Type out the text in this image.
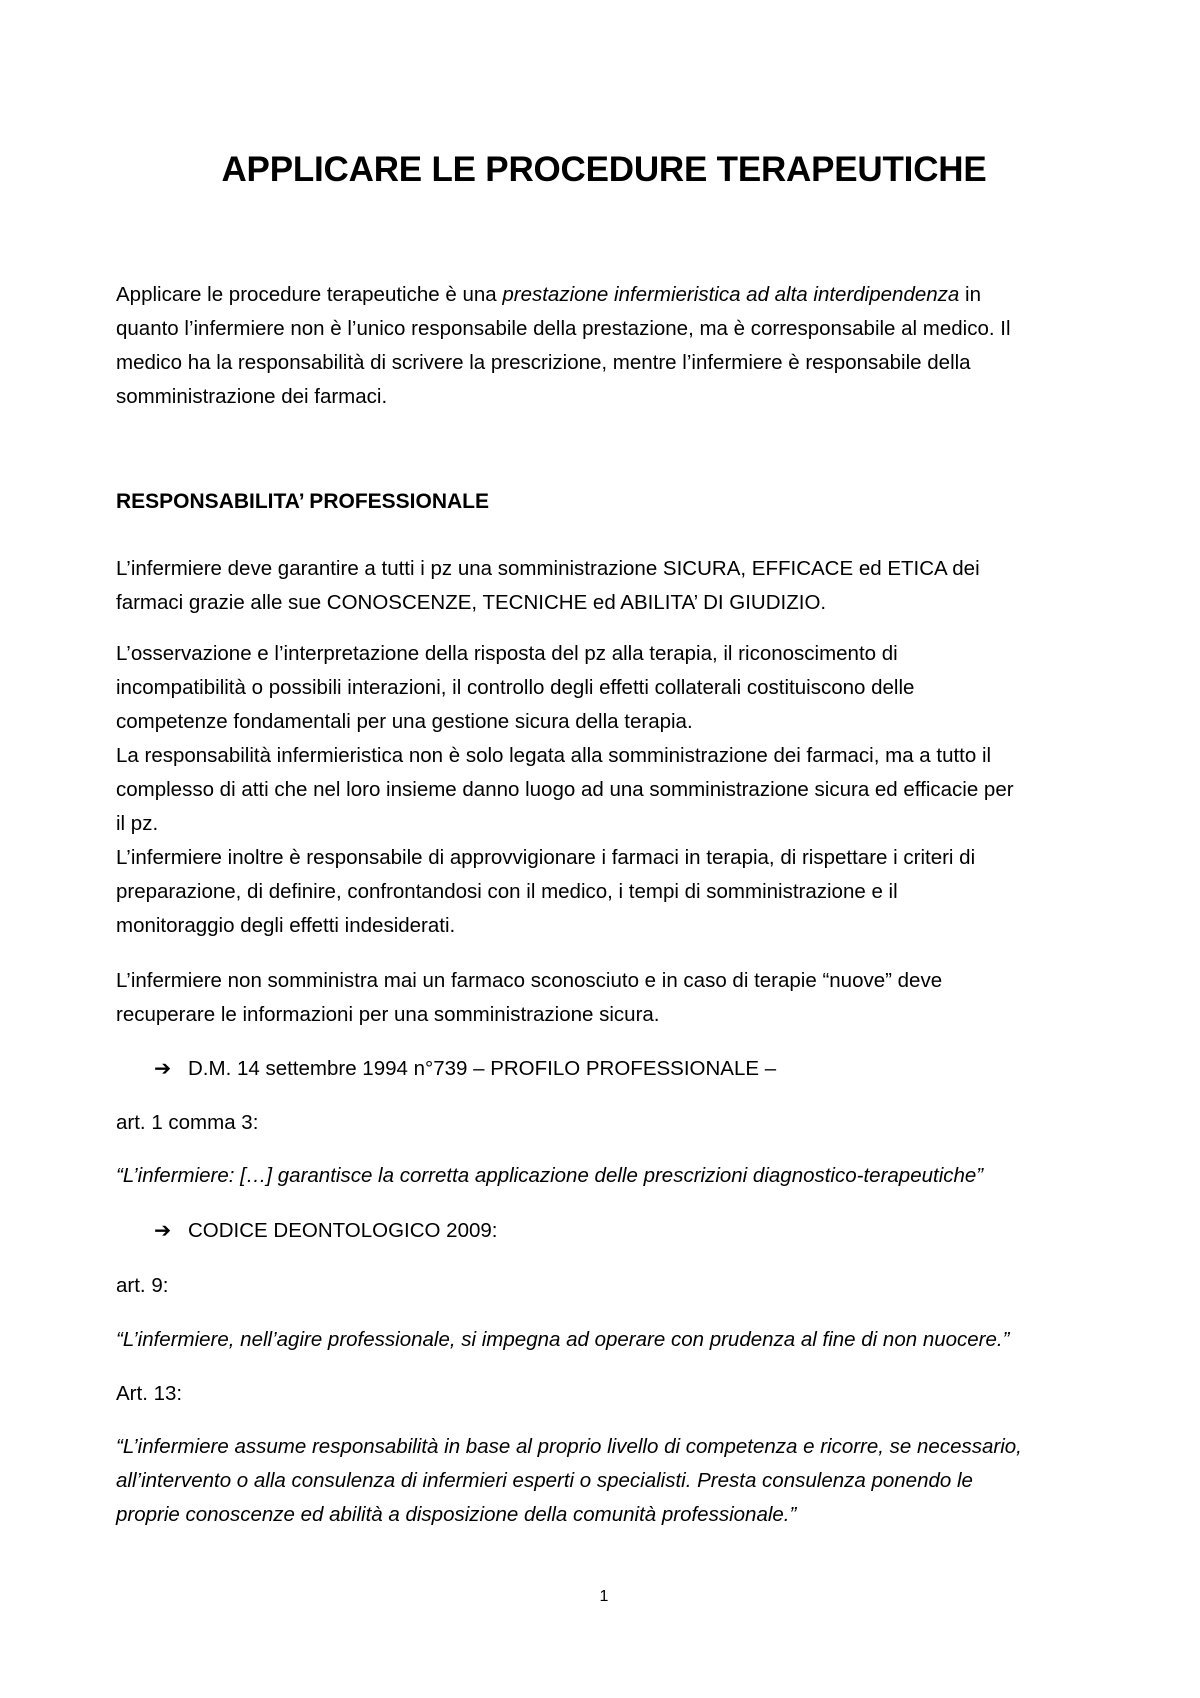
APPLICARE LE PROCEDURE TERAPEUTICHE

Applicare le procedure terapeutiche è una prestazione infermieristica ad alta interdipendenza in
quanto l’infermiere non è l’unico responsabile della prestazione, ma è corresponsabile al medico. Il
medico ha la responsabilità di scrivere la prescrizione, mentre l’infermiere è responsabile della
somministrazione dei farmaci.

RESPONSABILITA’ PROFESSIONALE

L’infermiere deve garantire a tutti i pz una somministrazione SICURA, EFFICACE ed ETICA dei
farmaci grazie alle sue CONOSCENZE, TECNICHE ed ABILITA’ DI GIUDIZIO.

L’osservazione e l’interpretazione della risposta del pz alla terapia, il riconoscimento di
incompatibilità o possibili interazioni, il controllo degli effetti collaterali costituiscono delle
competenze fondamentali per una gestione sicura della terapia.
La responsabilità infermieristica non è solo legata alla somministrazione dei farmaci, ma a tutto il
complesso di atti che nel loro insieme danno luogo ad una somministrazione sicura ed efficacie per
il pz.
L’infermiere inoltre è responsabile di approvvigionare i farmaci in terapia, di rispettare i criteri di
preparazione, di definire, confrontandosi con il medico, i tempi di somministrazione e il
monitoraggio degli effetti indesiderati.

L’infermiere non somministra mai un farmaco sconosciuto e in caso di terapie “nuove” deve
recuperare le informazioni per una somministrazione sicura.

➔ D.M. 14 settembre 1994 n°739 – PROFILO PROFESSIONALE –

art. 1 comma 3:

“L’infermiere: […] garantisce la corretta applicazione delle prescrizioni diagnostico-terapeutiche”

➔ CODICE DEONTOLOGICO 2009:

art. 9:

“L’infermiere, nell’agire professionale, si impegna ad operare con prudenza al fine di non nuocere.”

Art. 13:

“L’infermiere assume responsabilità in base al proprio livello di competenza e ricorre, se necessario,
all’intervento o alla consulenza di infermieri esperti o specialisti. Presta consulenza ponendo le
proprie conoscenze ed abilità a disposizione della comunità professionale.”

1
